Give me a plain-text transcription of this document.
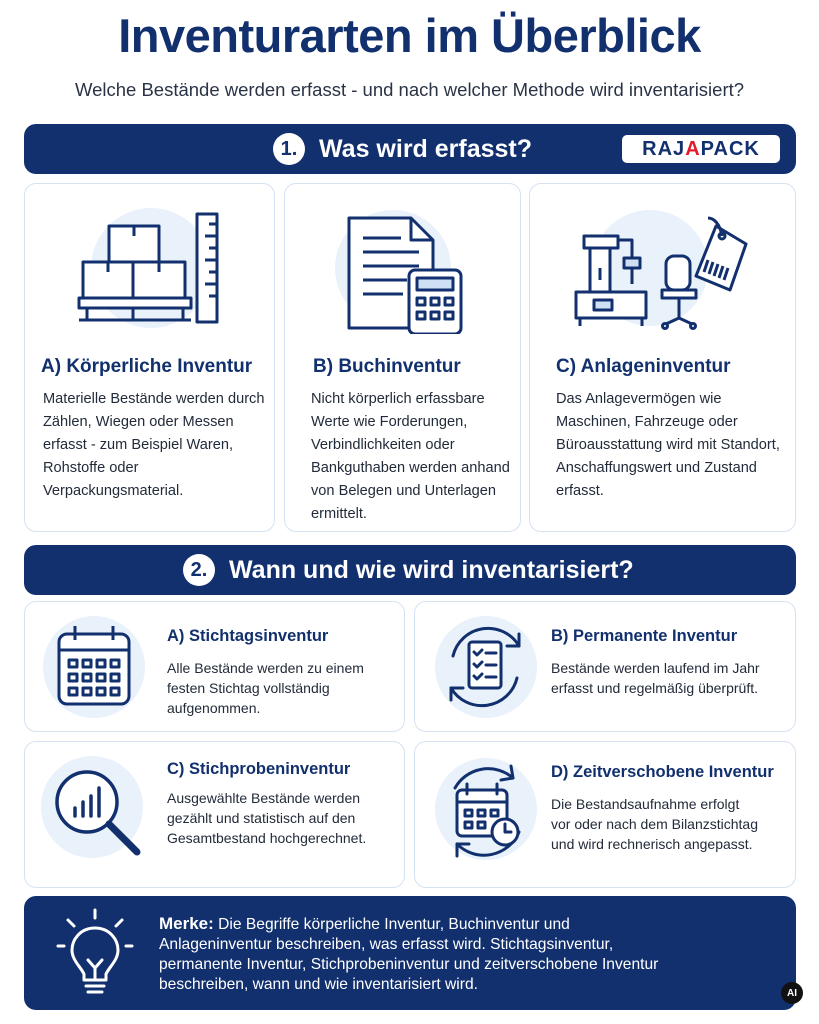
Inventurarten im Überblick
Welche Bestände werden erfasst - und nach welcher Methode wird inventarisiert?
1. Was wird erfasst?	RAJ A PACK
A) Körperliche Inventur

Materielle Bestände werden durch Zählen, Wiegen oder Messen erfasst - zum Beispiel Waren, Rohstoffe oder Verpackungsmaterial.

B) Buchinventur

Nicht körperlich erfassbare Werte wie Forderungen, Verbindlichkeiten oder Bankguthaben werden anhand von Belegen und Unterlagen ermittelt.

C) Anlageninventur

Das Anlagevermögen wie Maschinen, Fahrzeuge oder Büroausstattung wird mit Standort, Anschaffungswert und Zustand erfasst.

2. Wann und wie wird inventarisiert?
A) Stichtagsinventur

Alle Bestände werden zu einem festen Stichtag vollständig aufgenommen.

B) Permanente Inventur

Bestände werden laufend im Jahr erfasst und regelmäßig überprüft.

C) Stichprobeninventur

Ausgewählte Bestände werden gezählt und statistisch auf den Gesamtbestand hochgerechnet.

D) Zeitverschobene Inventur

Die Bestandsaufnahme erfolgt vor oder nach dem Bilanzstichtag und wird rechnerisch angepasst.

Merke: Die Begriffe körperliche Inventur, Buchinventur und Anlageninventur beschreiben, was erfasst wird. Stichtagsinventur, permanente Inventur, Stichprobeninventur und zeitverschobene Inventur beschreiben, wann und wie inventarisiert wird.	AI
